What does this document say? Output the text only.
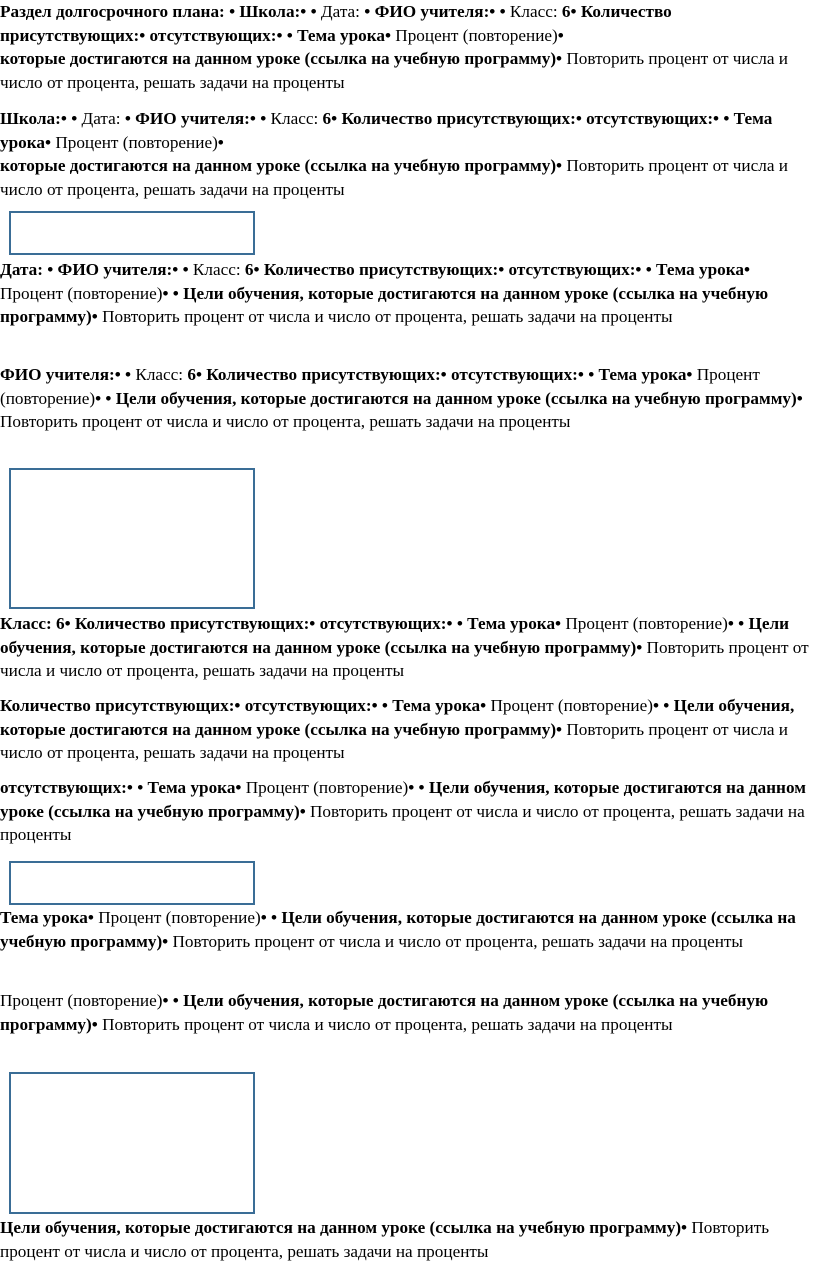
Раздел долгосрочного плана: • Школа:• • Дата: • ФИО учителя:• • Класс: 6• Количество присутствующих:• отсутствующих:• • Тема урока• Процент (повторение)•
которые достигаются на данном уроке (ссылка на учебную программу)• Повторить процент от числа и число от процента, решать задачи на проценты
Школа:• • Дата: • ФИО учителя:• • Класс: 6• Количество присутствующих:• отсутствующих:• • Тема урока• Процент (повторение)•
которые достигаются на данном уроке (ссылка на учебную программу)• Повторить процент от числа и число от процента, решать задачи на проценты
Дата: • ФИО учителя:• • Класс: 6• Количество присутствующих:• отсутствующих:• • Тема урока• Процент (повторение)• • Цели обучения, которые достигаются на данном уроке (ссылка на учебную программу)• Повторить процент от числа и число от процента, решать задачи на проценты
ФИО учителя:• • Класс: 6• Количество присутствующих:• отсутствующих:• • Тема урока• Процент (повторение)• • Цели обучения, которые достигаются на данном уроке (ссылка на учебную программу)• Повторить процент от числа и число от процента, решать задачи на проценты
Класс: 6• Количество присутствующих:• отсутствующих:• • Тема урока• Процент (повторение)• • Цели обучения, которые достигаются на данном уроке (ссылка на учебную программу)• Повторить процент от числа и число от процента, решать задачи на проценты
Количество присутствующих:• отсутствующих:• • Тема урока• Процент (повторение)• • Цели обучения, которые достигаются на данном уроке (ссылка на учебную программу)• Повторить процент от числа и число от процента, решать задачи на проценты
отсутствующих:• • Тема урока• Процент (повторение)• • Цели обучения, которые достигаются на данном уроке (ссылка на учебную программу)• Повторить процент от числа и число от процента, решать задачи на проценты
Тема урока• Процент (повторение)• • Цели обучения, которые достигаются на данном уроке (ссылка на учебную программу)• Повторить процент от числа и число от процента, решать задачи на проценты
Процент (повторение)• • Цели обучения, которые достигаются на данном уроке (ссылка на учебную программу)• Повторить процент от числа и число от процента, решать задачи на проценты
Цели обучения, которые достигаются на данном уроке (ссылка на учебную программу)• Повторить процент от числа и число от процента, решать задачи на проценты
